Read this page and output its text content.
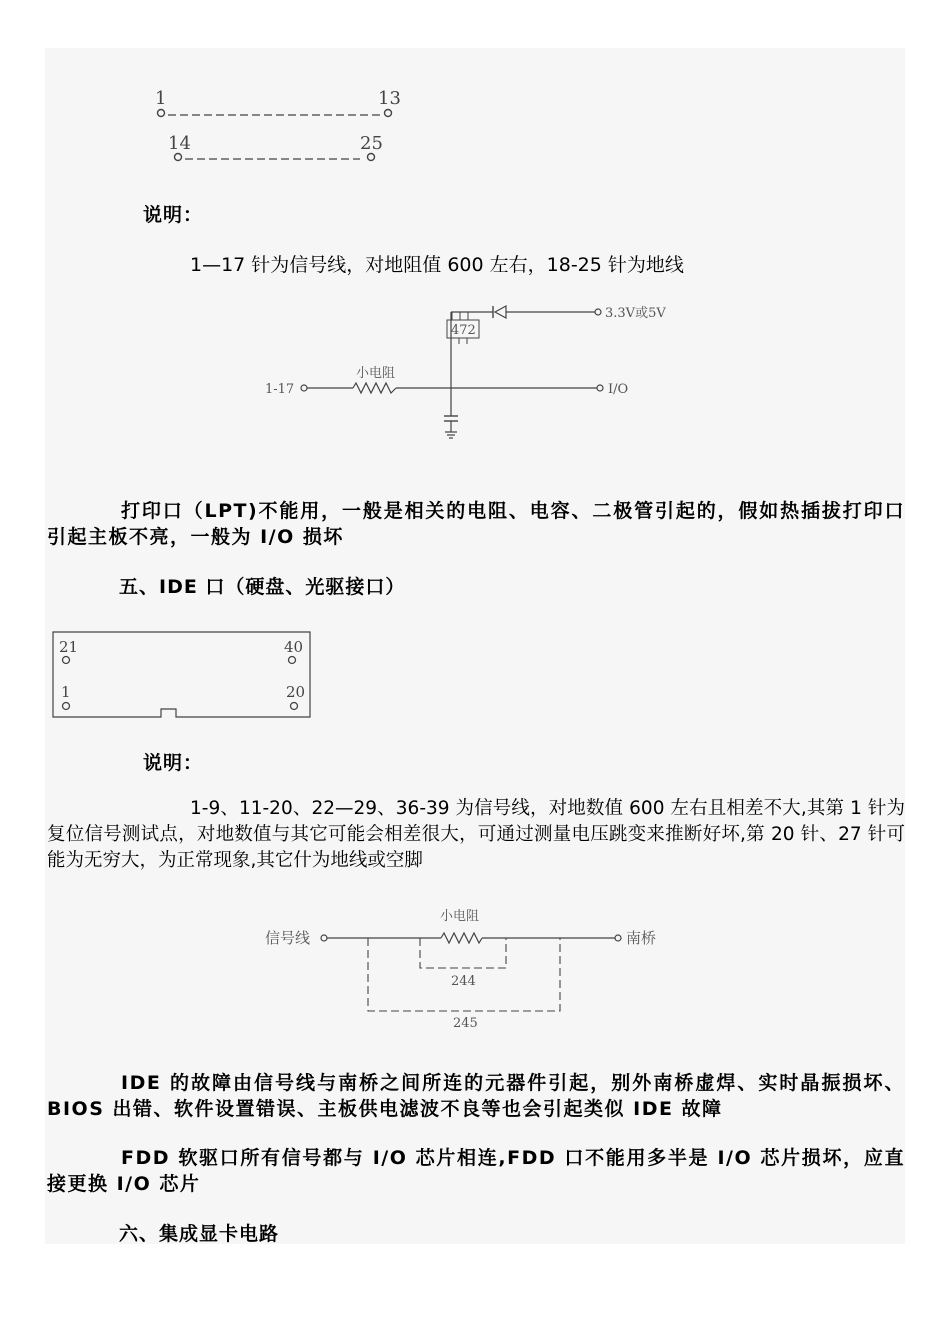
1	13
14	25
说明：
1—17 针为信号线，对地阻值 600 左右，18-25 针为地线
472
3.3V或5V
1-17
小电阻
I/O
打印口（LPT)不能用，一般是相关的电阻、电容、二极管引起的，假如热插拔打印口引起主板不亮，一般为 I/O 损坏
五、IDE 口（硬盘、光驱接口）
21	40
1	20
说明：
1-9、11-20、22—29、36-39 为信号线，对地数值 600 左右且相差不大,其第 1 针为复位信号测试点，对地数值与其它可能会相差很大，可通过测量电压跳变来推断好坏,第 20 针、27 针可能为无穷大，为正常现象,其它什为地线或空脚
信号线
小电阻
南桥
244
245
IDE 的故障由信号线与南桥之间所连的元器件引起，别外南桥虚焊、实时晶振损坏、BIOS 出错、软件设置错误、主板供电滤波不良等也会引起类似 IDE 故障
FDD 软驱口所有信号都与 I/O 芯片相连,FDD 口不能用多半是 I/O 芯片损坏，应直接更换 I/O 芯片
六、集成显卡电路
